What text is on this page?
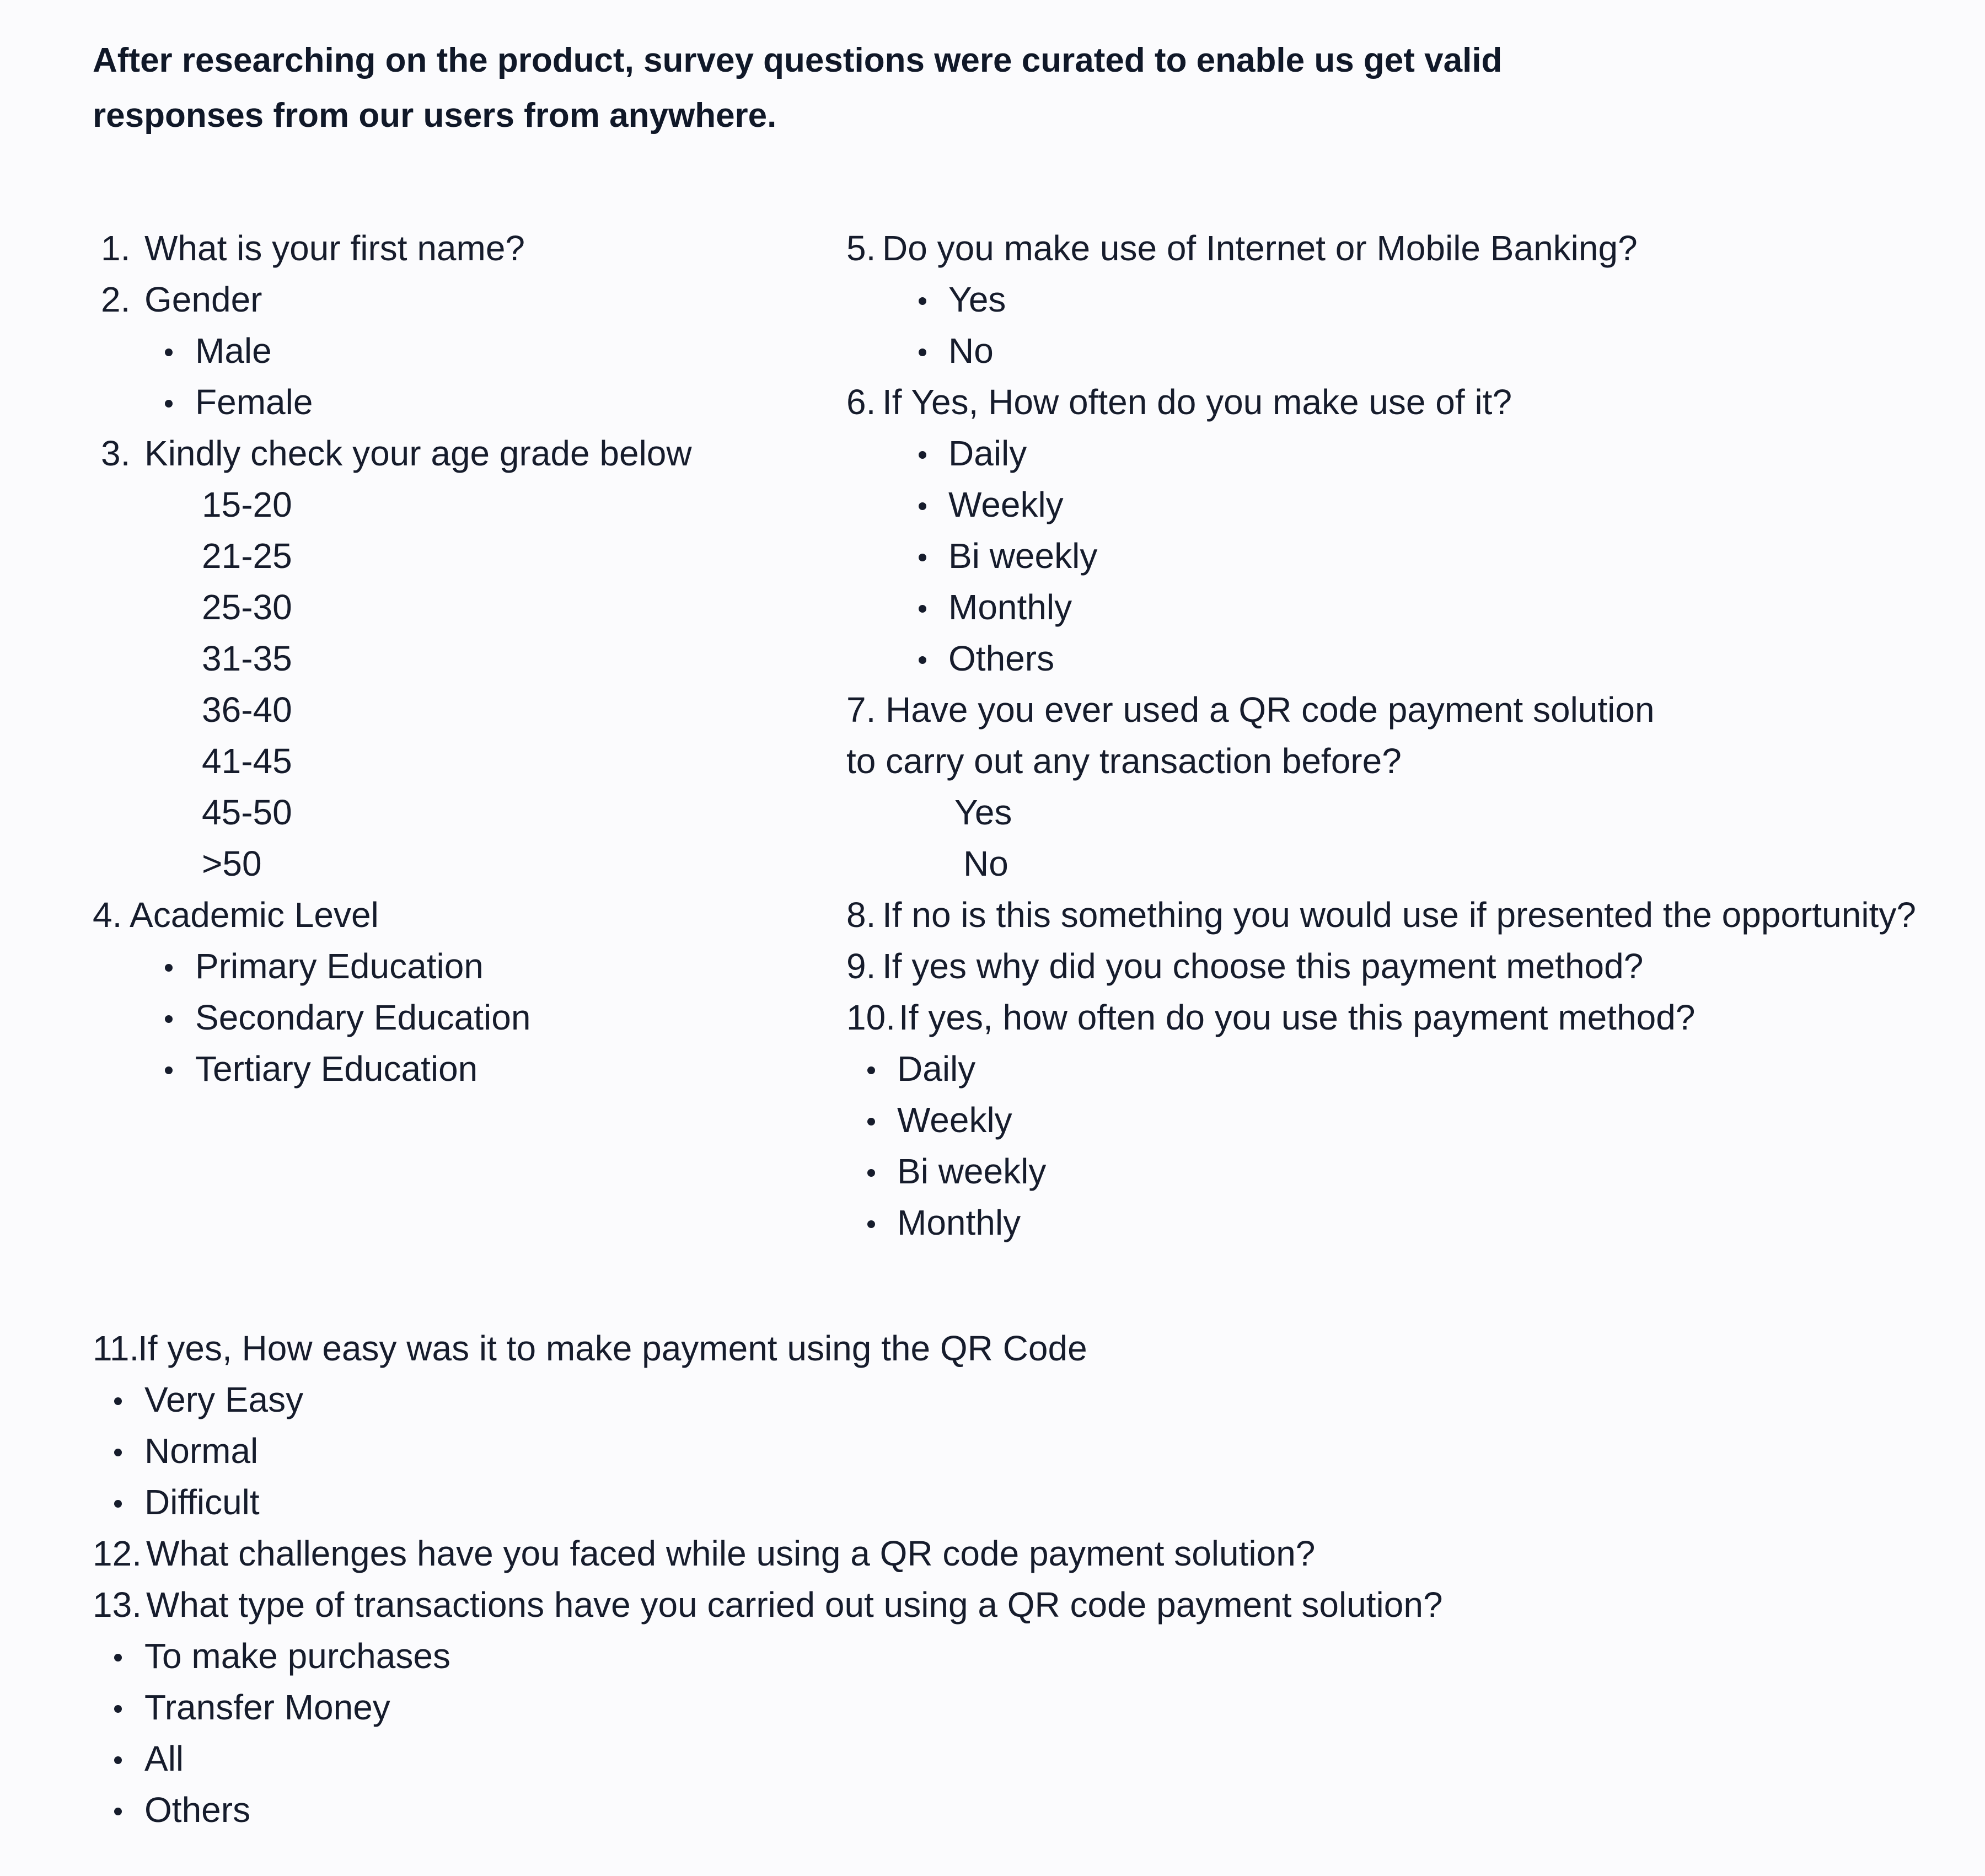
After researching on the product, survey questions were curated to enable us get valid
responses from our users from anywhere.
1. What is your first name?
2. Gender
Male
Female
3. Kindly check your age grade below
15-20
21-25
25-30
31-35
36-40
41-45
45-50
>50
4. Academic Level
Primary Education
Secondary Education
Tertiary Education
5. Do you make use of Internet or Mobile Banking?
Yes
No
6. If Yes, How often do you make use of it?
Daily
Weekly
Bi weekly
Monthly
Others
7. Have you ever used a QR code payment solution
to carry out any transaction before?
Yes
No
8. If no is this something you would use if presented the opportunity?
9. If yes why did you choose this payment method?
10. If yes, how often do you use this payment method?
Daily
Weekly
Bi weekly
Monthly
11.
If yes, How easy was it to make payment using the QR Code
Very Easy
Normal
Difficult
12. What challenges have you faced while using a QR code payment solution?
13. What type of transactions have you carried out using a QR code payment solution?
To make purchases
Transfer Money
All
Others
